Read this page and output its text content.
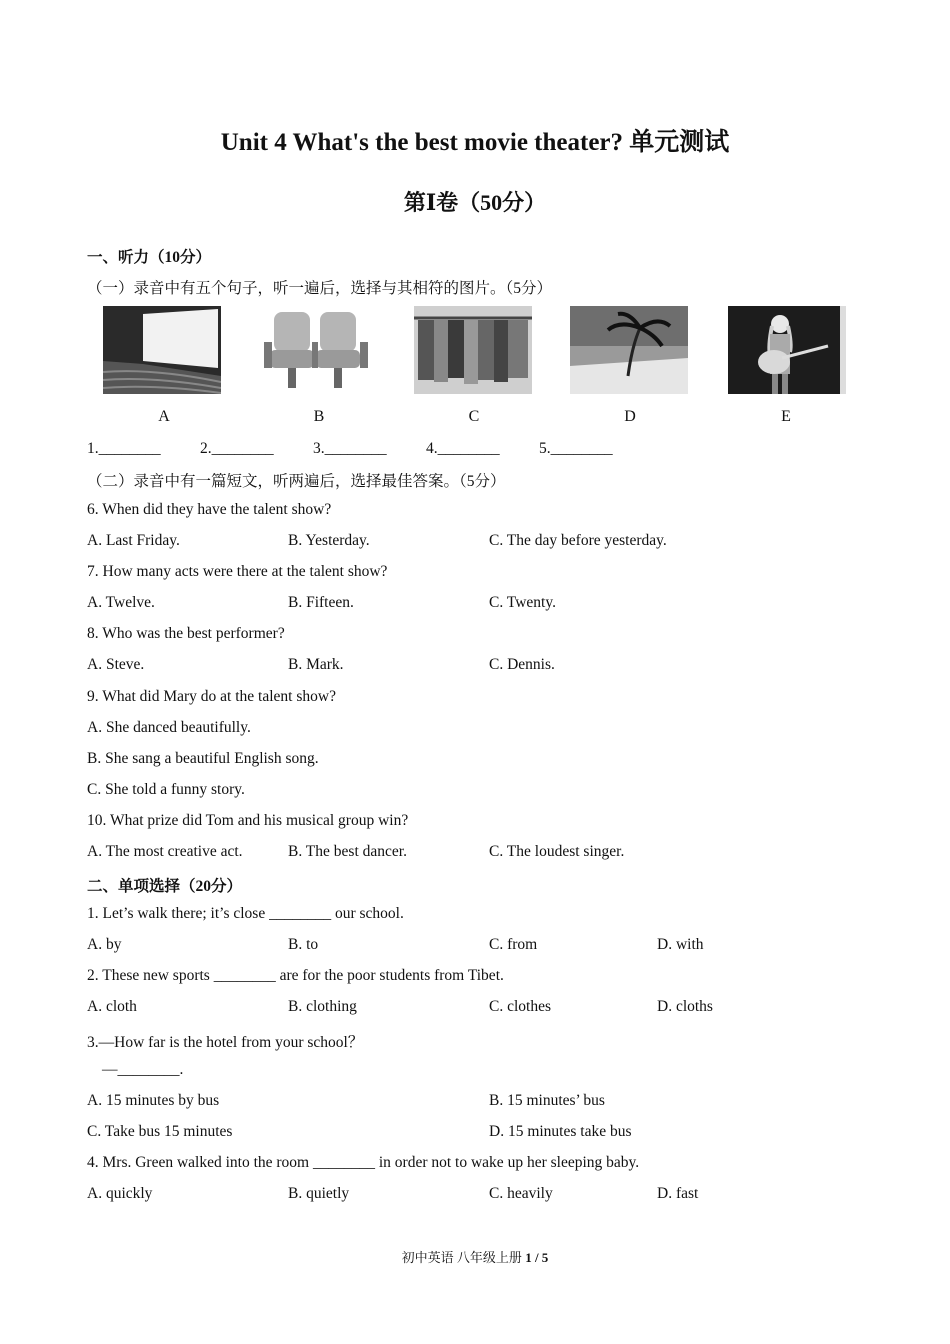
Unit 4 What's the best movie theater? 单元测试
第Ⅰ卷（50分）
一、听力（10分）
（一）录音中有五个句子，听一遍后，选择与其相符的图片。（5分）
A	B	C	D	E
1.________	2.________	3.________	4.________	5.________
（二）录音中有一篇短文，听两遍后，选择最佳答案。（5分）
6. When did they have the talent show?
A. Last Friday.	B. Yesterday.	C. The day before yesterday.
7. How many acts were there at the talent show?
A. Twelve.	B. Fifteen.	C. Twenty.
8. Who was the best performer?
A. Steve.	B. Mark.	C. Dennis.
9. What did Mary do at the talent show?
A. She danced beautifully.
B. She sang a beautiful English song.
C. She told a funny story.
10. What prize did Tom and his musical group win?
A. The most creative act.	B. The best dancer.	C. The loudest singer.
二、单项选择（20分）
1. Let’s walk there; it’s close ________ our school.
A. by	B. to	C. from	D. with
2. These new sports ________ are for the poor students from Tibet.
A. cloth	B. clothing	C. clothes	D. cloths
3.—How far is the hotel from your school？
—________.
A. 15 minutes by bus	B. 15 minutes’ bus
C. Take bus 15 minutes	D. 15 minutes take bus
4. Mrs. Green walked into the room ________ in order not to wake up her sleeping baby.
A. quickly	B. quietly	C. heavily	D. fast
初中英语 八年级上册 1 / 5
